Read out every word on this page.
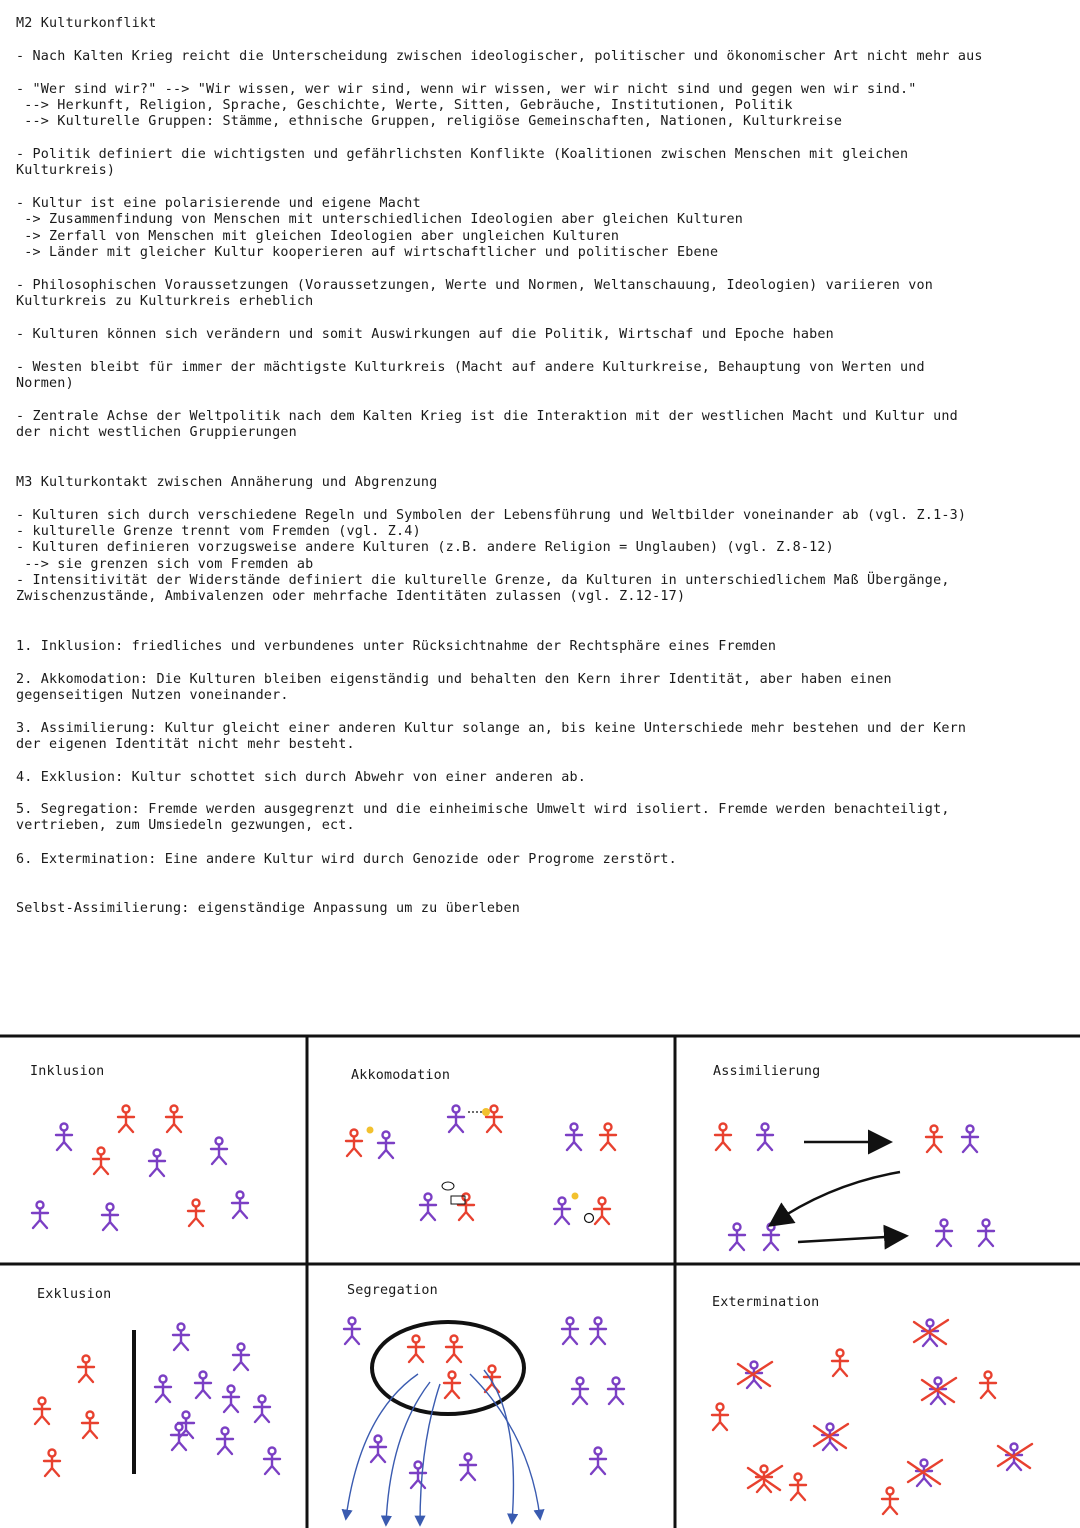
M2 Kulturkonflikt
- Nach Kalten Krieg reicht die Unterscheidung zwischen ideologischer, politischer und ökonomischer Art nicht mehr aus
- "Wer sind wir?" --> "Wir wissen, wer wir sind, wenn wir wissen, wer wir nicht sind und gegen wen wir sind."
--> Herkunft, Religion, Sprache, Geschichte, Werte, Sitten, Gebräuche, Institutionen, Politik
--> Kulturelle Gruppen: Stämme, ethnische Gruppen, religiöse Gemeinschaften, Nationen, Kulturkreise
- Politik definiert die wichtigsten und gefährlichsten Konflikte (Koalitionen zwischen Menschen mit gleichen
Kulturkreis)
- Kultur ist eine polarisierende und eigene Macht
-> Zusammenfindung von Menschen mit unterschiedlichen Ideologien aber gleichen Kulturen
-> Zerfall von Menschen mit gleichen Ideologien aber ungleichen Kulturen
-> Länder mit gleicher Kultur kooperieren auf wirtschaftlicher und politischer Ebene
- Philosophischen Voraussetzungen (Voraussetzungen, Werte und Normen, Weltanschauung, Ideologien) variieren von
Kulturkreis zu Kulturkreis erheblich
- Kulturen können sich verändern und somit Auswirkungen auf die Politik, Wirtschaf und Epoche haben
- Westen bleibt für immer der mächtigste Kulturkreis (Macht auf andere Kulturkreise, Behauptung von Werten und
Normen)
- Zentrale Achse der Weltpolitik nach dem Kalten Krieg ist die Interaktion mit der westlichen Macht und Kultur und
der nicht westlichen Gruppierungen
M3 Kulturkontakt zwischen Annäherung und Abgrenzung
- Kulturen sich durch verschiedene Regeln und Symbolen der Lebensführung und Weltbilder voneinander ab (vgl. Z.1-3)
- kulturelle Grenze trennt vom Fremden (vgl. Z.4)
- Kulturen definieren vorzugsweise andere Kulturen (z.B. andere Religion = Unglauben) (vgl. Z.8-12)
--> sie grenzen sich vom Fremden ab
- Intensitivität der Widerstände definiert die kulturelle Grenze, da Kulturen in unterschiedlichem Maß Übergänge,
Zwischenzustände, Ambivalenzen oder mehrfache Identitäten zulassen (vgl. Z.12-17)
1. Inklusion: friedliches und verbundenes unter Rücksichtnahme der Rechtsphäre eines Fremden
2. Akkomodation: Die Kulturen bleiben eigenständig und behalten den Kern ihrer Identität, aber haben einen
gegenseitigen Nutzen voneinander.
3. Assimilierung: Kultur gleicht einer anderen Kultur solange an, bis keine Unterschiede mehr bestehen und der Kern
der eigenen Identität nicht mehr besteht.
4. Exklusion: Kultur schottet sich durch Abwehr von einer anderen ab.
5. Segregation: Fremde werden ausgegrenzt und die einheimische Umwelt wird isoliert. Fremde werden benachteiligt,
vertrieben, zum Umsiedeln gezwungen, ect.
6. Extermination: Eine andere Kultur wird durch Genozide oder Progrome zerstört.
Selbst-Assimilierung: eigenständige Anpassung um zu überleben
Inklusion	Akkomodation	Assimilierung
Exklusion	Segregation
Extermination
